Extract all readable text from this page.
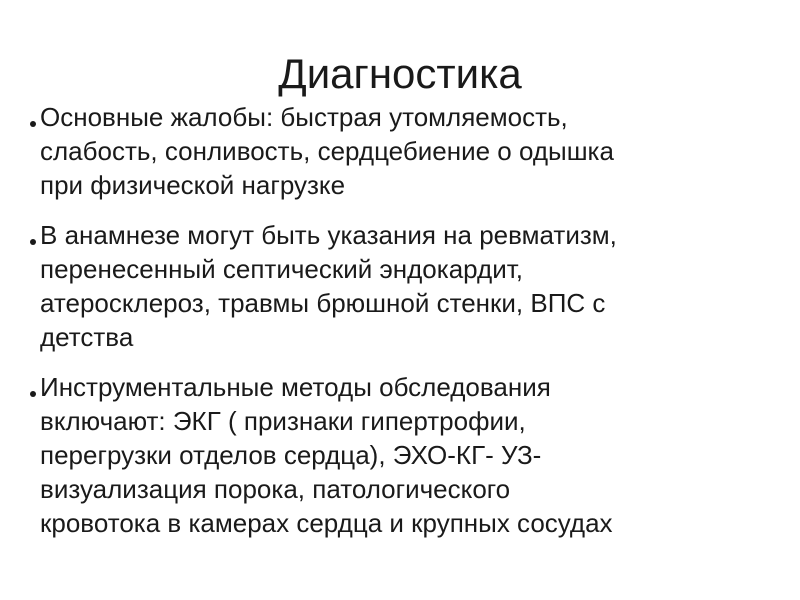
Диагностика
Основные жалобы: быстрая утомляемость,
слабость, сонливость, сердцебиение о одышка
при физической нагрузке
В анамнезе могут быть указания на ревматизм,
перенесенный септический эндокардит,
атеросклероз, травмы брюшной стенки, ВПС с
детства
Инструментальные методы обследования
включают: ЭКГ ( признаки гипертрофии,
перегрузки отделов сердца), ЭХО-КГ- УЗ-
визуализация порока, патологического
кровотока в камерах сердца и крупных сосудах
